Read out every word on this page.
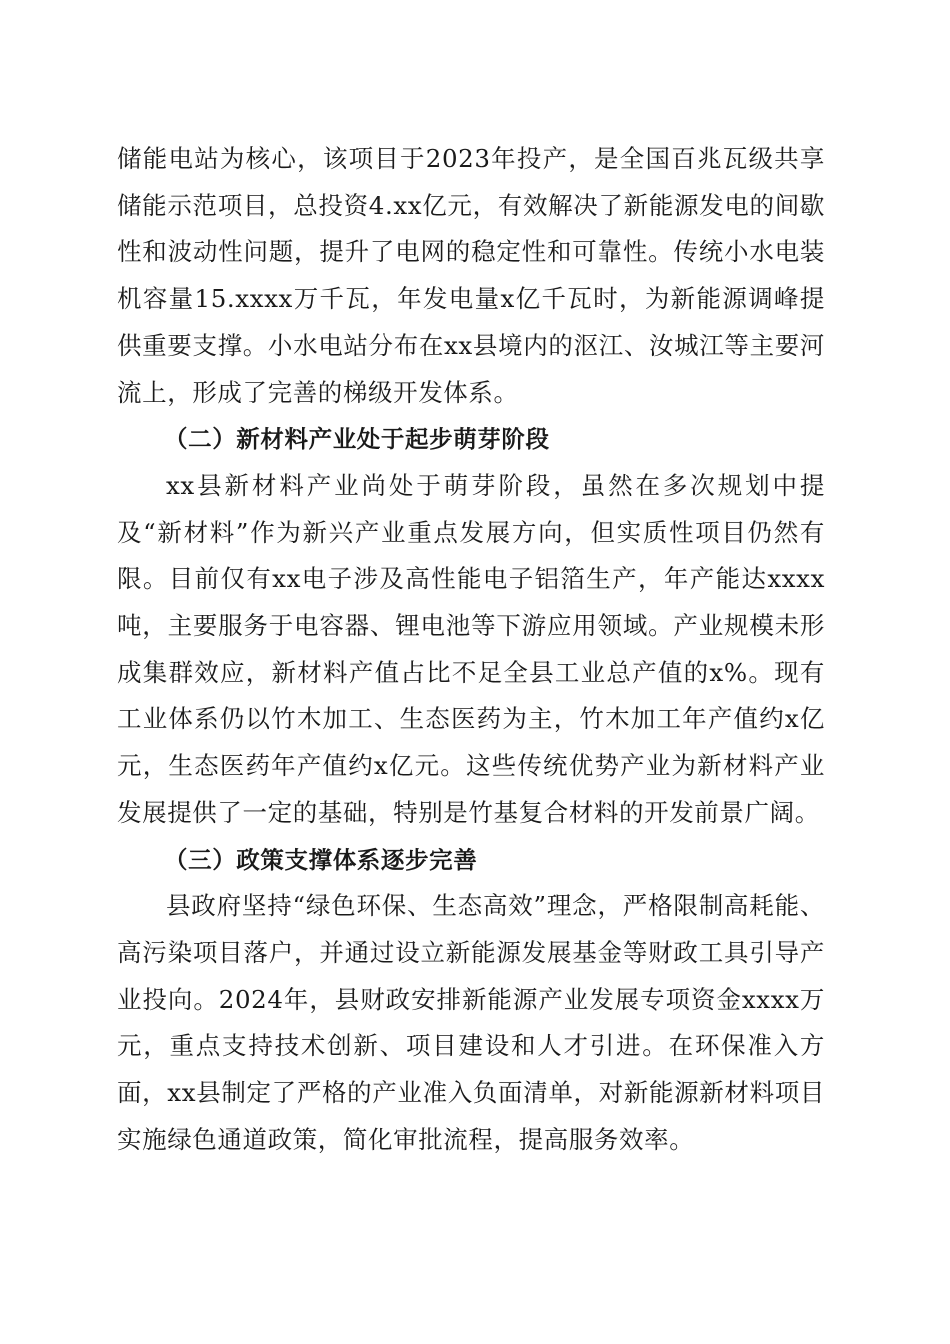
储能电站为核心，该项目于2023年投产，是全国百兆瓦级共享储能示范项目，总投资4.xx亿元，有效解决了新能源发电的间歇性和波动性问题，提升了电网的稳定性和可靠性。传统小水电装机容量15.xxxx万千瓦，年发电量x亿千瓦时，为新能源调峰提供重要支撑。小水电站分布在xx县境内的沤江、汝城江等主要河流上，形成了完善的梯级开发体系。

（二）新材料产业处于起步萌芽阶段

xx县新材料产业尚处于萌芽阶段，虽然在多次规划中提及“新材料”作为新兴产业重点发展方向，但实质性项目仍然有限。目前仅有xx电子涉及高性能电子铝箔生产，年产能达xxxx吨，主要服务于电容器、锂电池等下游应用领域。产业规模未形成集群效应，新材料产值占比不足全县工业总产值的x%。现有工业体系仍以竹木加工、生态医药为主，竹木加工年产值约x亿元，生态医药年产值约x亿元。这些传统优势产业为新材料产业发展提供了一定的基础，特别是竹基复合材料的开发前景广阔。

（三）政策支撑体系逐步完善

县政府坚持“绿色环保、生态高效”理念，严格限制高耗能、高污染项目落户，并通过设立新能源发展基金等财政工具引导产业投向。2024年，县财政安排新能源产业发展专项资金xxxx万元，重点支持技术创新、项目建设和人才引进。在环保准入方面，xx县制定了严格的产业准入负面清单，对新能源新材料项目实施绿色通道政策，简化审批流程，提高服务效率。
